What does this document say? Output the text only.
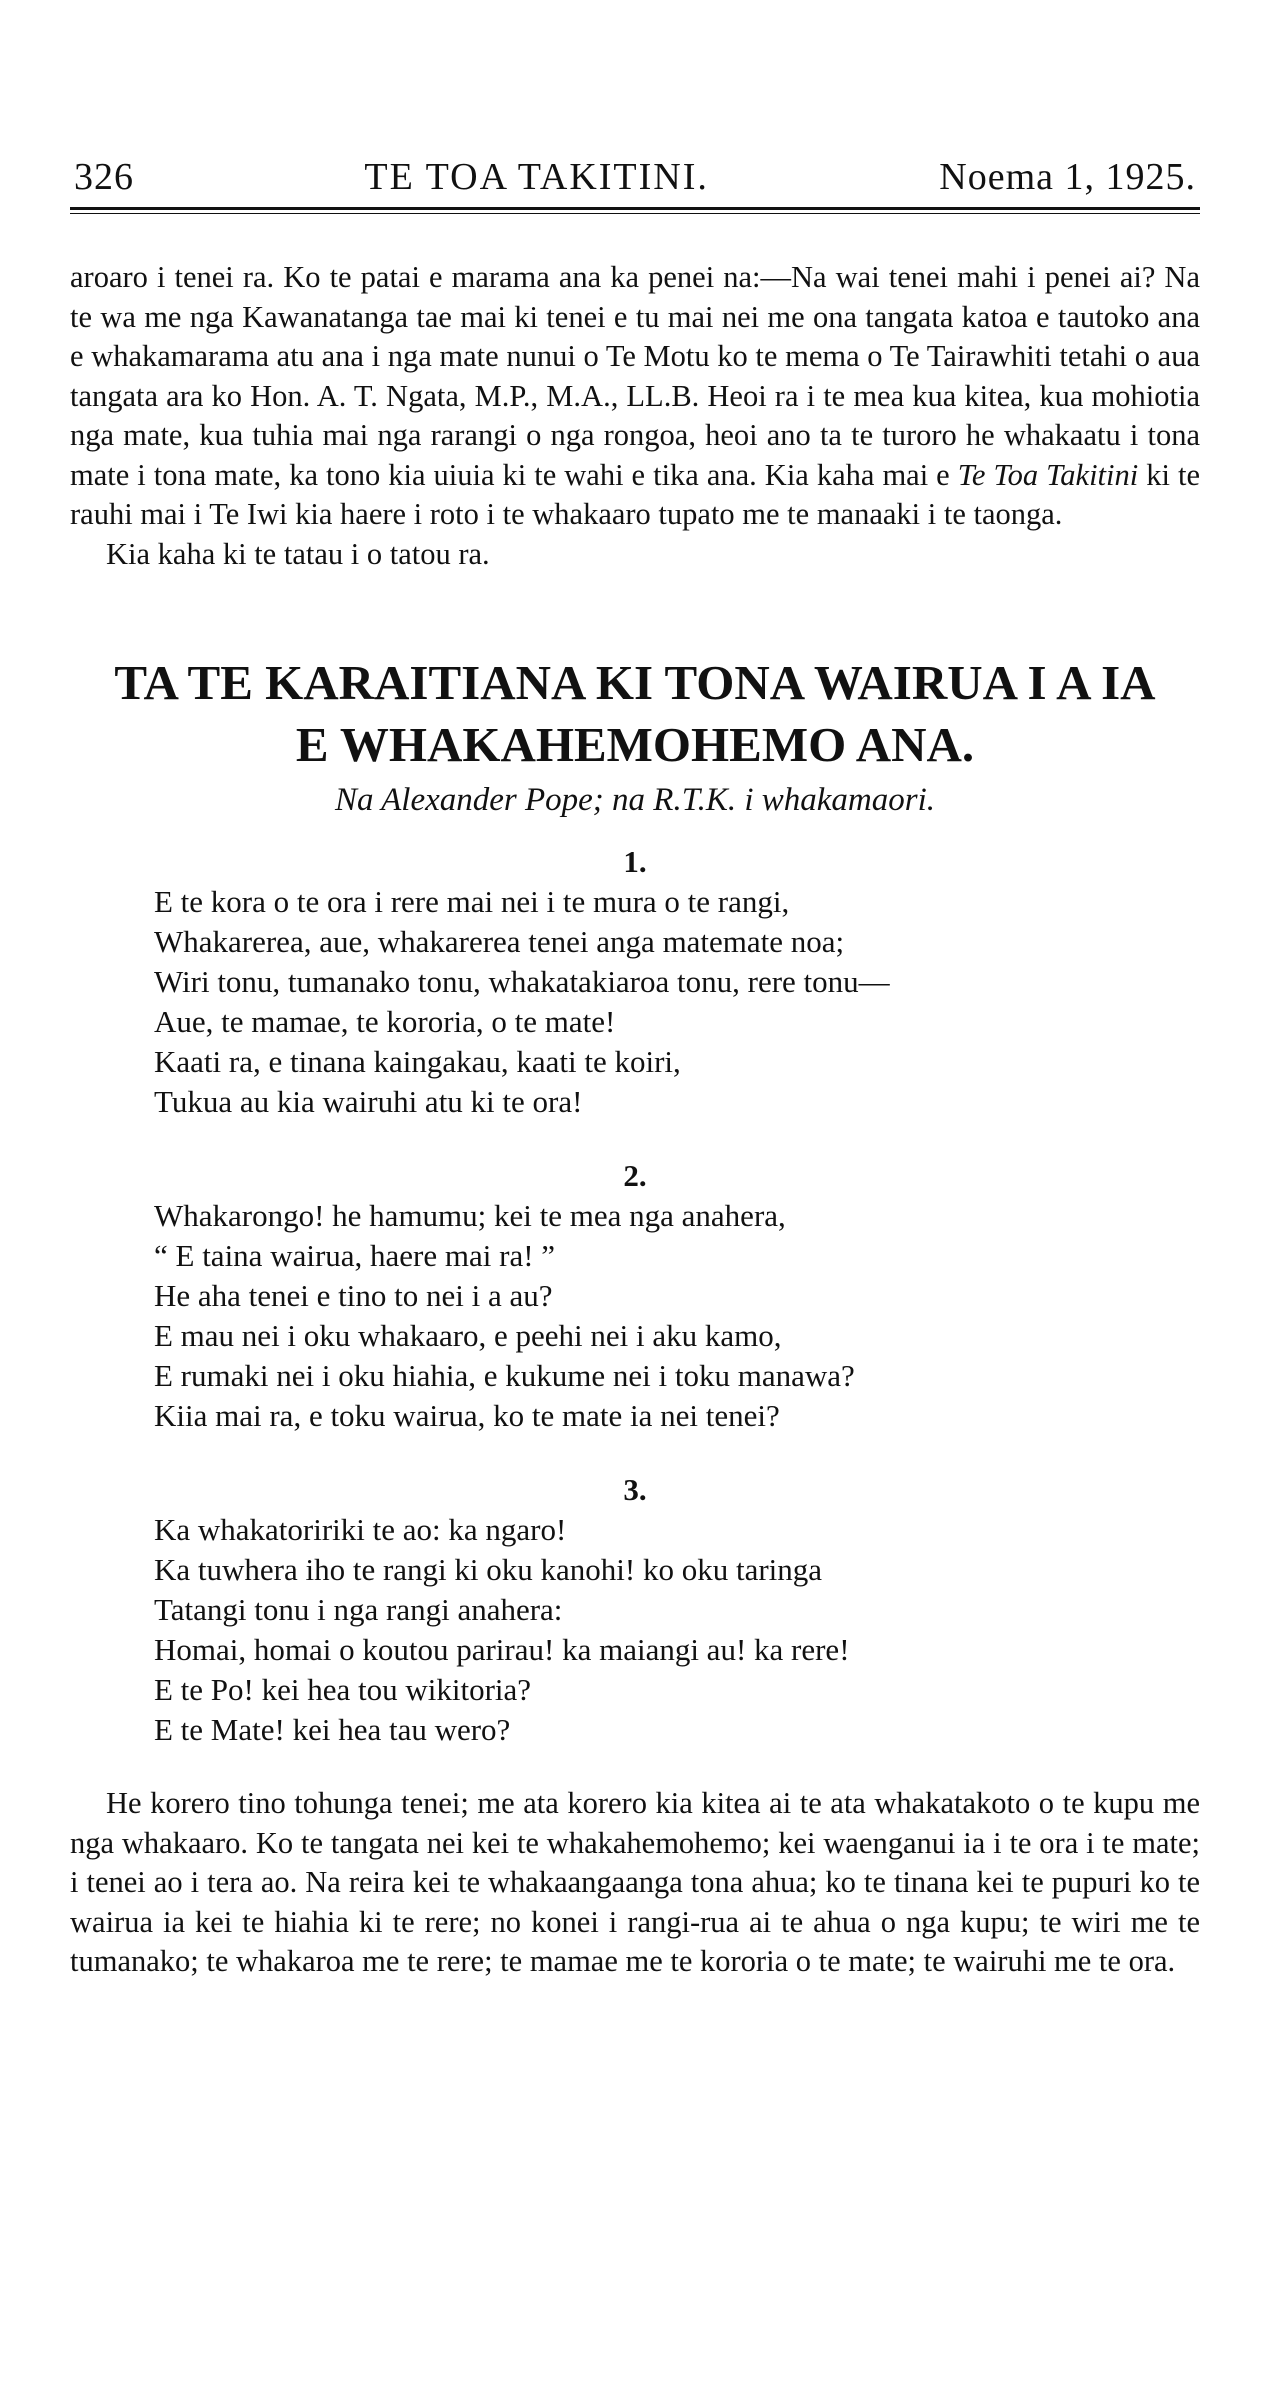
326	TE TOA TAKITINI.	Noema 1, 1925.

aroaro i tenei ra. Ko te patai e marama ana ka penei na:—Na wai tenei mahi i penei ai? Na te wa me nga Kawanatanga tae mai ki tenei e tu mai nei me ona tangata katoa e tautoko ana e whakamarama atu ana i nga mate nunui o Te Motu ko te mema o Te Tairawhiti tetahi o aua tangata ara ko Hon. A. T. Ngata, M.P., M.A., LL.B. Heoi ra i te mea kua kitea, kua mohiotia nga mate, kua tuhia mai nga rarangi o nga rongoa, heoi ano ta te turoro he whakaatu i tona mate i tona mate, ka tono kia uiuia ki te wahi e tika ana. Kia kaha mai e Te Toa Takitini ki te rauhi mai i Te Iwi kia haere i roto i te whakaaro tupato me te manaaki i te taonga.

Kia kaha ki te tatau i o tatou ra.

TA TE KARAITIANA KI TONA WAIRUA I A IA
E WHAKAHEMOHEMO ANA.
Na Alexander Pope; na R.T.K. i whakamaori.
1.
E te kora o te ora i rere mai nei i te mura o te rangi,
Whakarerea, aue, whakarerea tenei anga matemate noa;
Wiri tonu, tumanako tonu, whakatakiaroa tonu, rere tonu—
Aue, te mamae, te kororia, o te mate!
Kaati ra, e tinana kaingakau, kaati te koiri,
Tukua au kia wairuhi atu ki te ora!
2.
Whakarongo! he hamumu; kei te mea nga anahera,
“ E taina wairua, haere mai ra! ”
He aha tenei e tino to nei i a au?
E mau nei i oku whakaaro, e peehi nei i aku kamo,
E rumaki nei i oku hiahia, e kukume nei i toku manawa?
Kiia mai ra, e toku wairua, ko te mate ia nei tenei?
3.
Ka whakatoririki te ao: ka ngaro!
Ka tuwhera iho te rangi ki oku kanohi! ko oku taringa
Tatangi tonu i nga rangi anahera:
Homai, homai o koutou parirau! ka maiangi au! ka rere!
E te Po! kei hea tou wikitoria?
E te Mate! kei hea tau wero?

He korero tino tohunga tenei; me ata korero kia kitea ai te ata whakatakoto o te kupu me nga whakaaro. Ko te tangata nei kei te whakahemohemo; kei waenganui ia i te ora i te mate; i tenei ao i tera ao. Na reira kei te whakaangaanga tona ahua; ko te tinana kei te pupuri ko te wairua ia kei te hiahia ki te rere; no konei i rangi-rua ai te ahua o nga kupu; te wiri me te tumanako; te whakaroa me te rere; te mamae me te kororia o te mate; te wairuhi me te ora.
